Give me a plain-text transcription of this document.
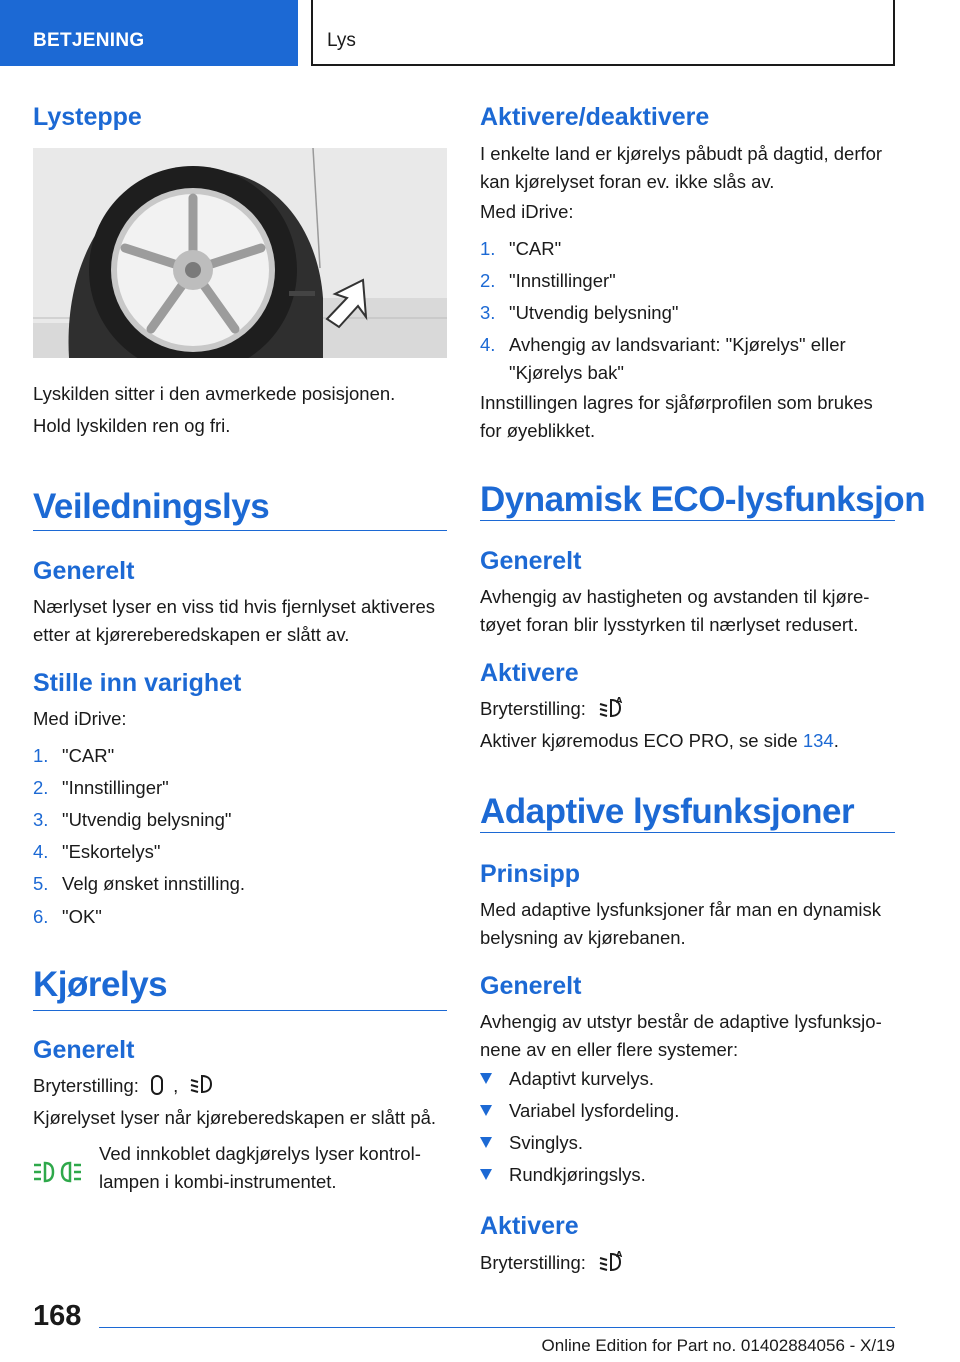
BETJENING	Lys
Lysteppe
Lyskilden sitter i den avmerkede posisjonen.
Hold lyskilden ren og fri.
Veiledningslys
Generelt
Nærlyset lyser en viss tid hvis fjernlyset aktiveres etter at kjørereberedskapen er slått av.
Stille inn varighet
Med iDrive:
1. "CAR"
2. "Innstillinger"
3. "Utvendig belysning"
4. "Eskortelys"
5. Velg ønsket innstilling.
6. "OK"
Kjørelys
Generelt
Bryterstilling: ,
Kjørelyset lyser når kjøreberedskapen er slått på.
Ved innkoblet dagkjørelys lyser kontrollampen i kombi-instrumentet.
Aktivere/deaktivere
I enkelte land er kjørelys påbudt på dagtid, derfor kan kjørelyset foran ev. ikke slås av.
Med iDrive:
1. "CAR"
2. "Innstillinger"
3. "Utvendig belysning"
4. Avhengig av landsvariant: "Kjørelys" eller "Kjørelys bak"
Innstillingen lagres for sjåførprofilen som brukes for øyeblikket.
Dynamisk ECO-lysfunksjon
Generelt
Avhengig av hastigheten og avstanden til kjøretøyet foran blir lysstyrken til nærlyset redusert.
Aktivere
Bryterstilling:	A
Aktiver kjøremodus ECO PRO, se side 134.
Adaptive lysfunksjoner
Prinsipp
Med adaptive lysfunksjoner får man en dynamisk belysning av kjørebanen.
Generelt
Avhengig av utstyr består de adaptive lysfunksjonene av en eller flere systemer:
Adaptivt kurvelys.
Variabel lysfordeling.
Svinglys.
Rundkjøringslys.
Aktivere
Bryterstilling:	A
168
Online Edition for Part no. 01402884056 - X/19
